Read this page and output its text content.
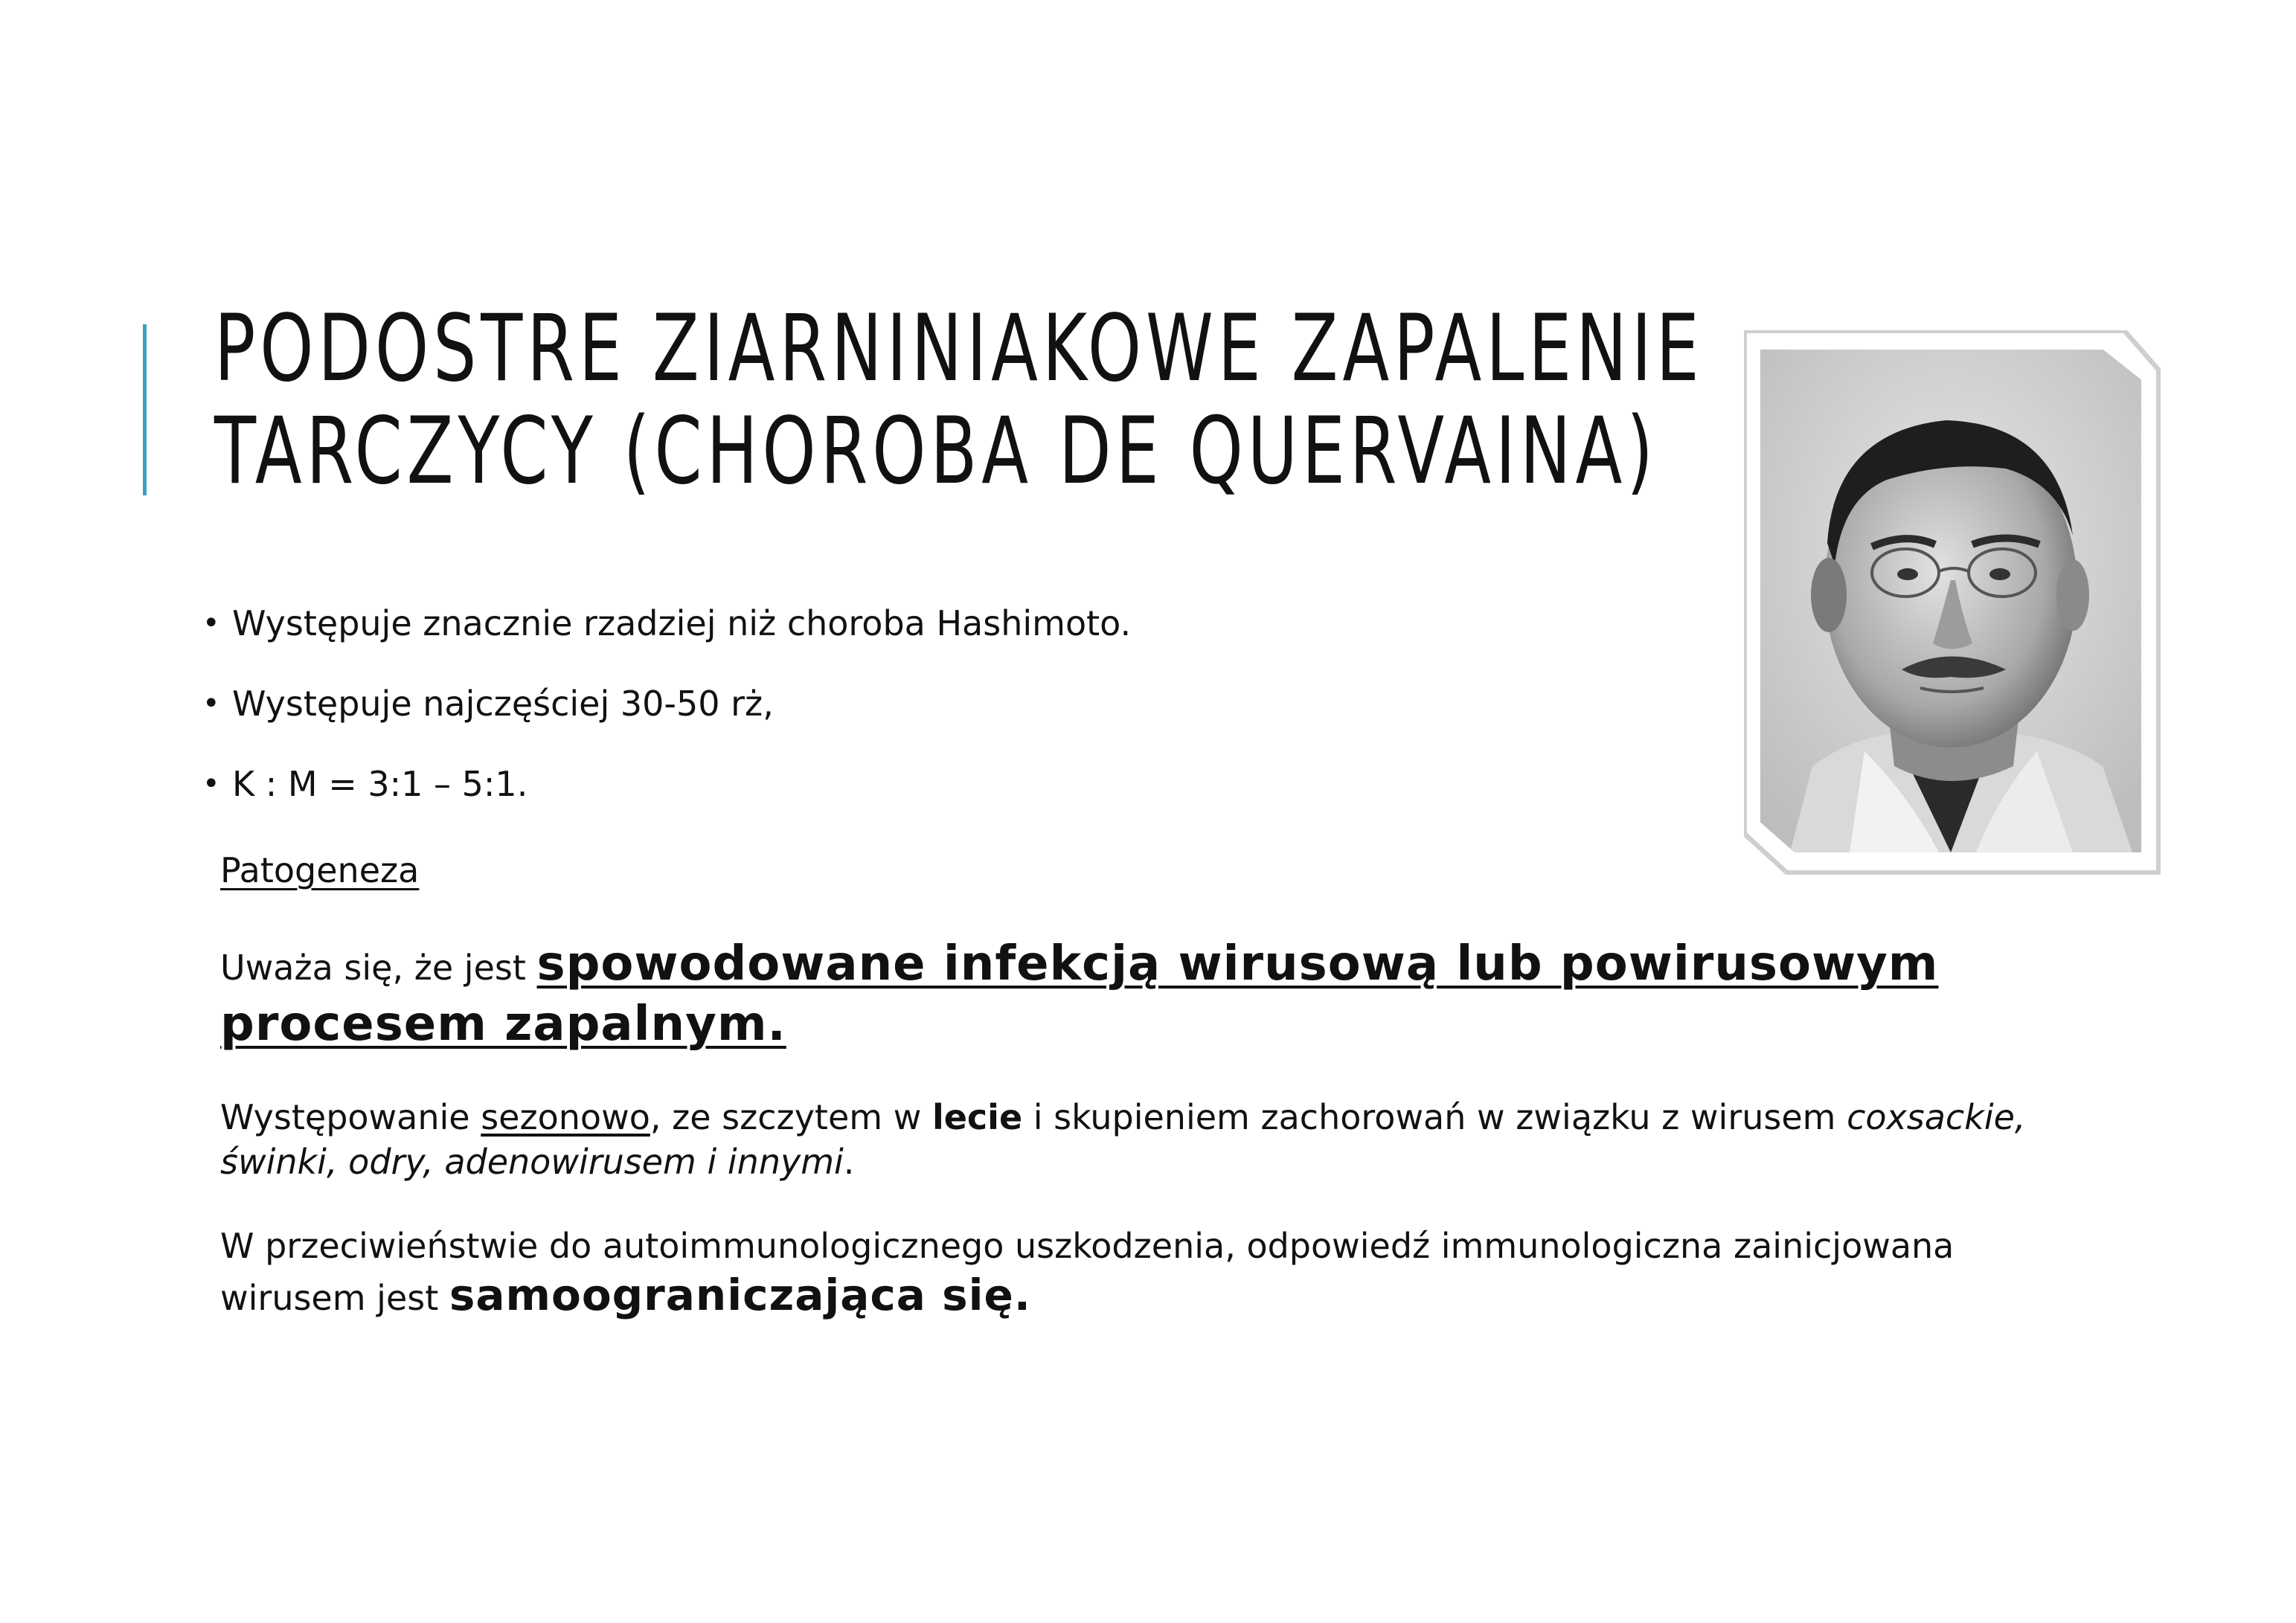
PODOSTRE ZIARNINIAKOWE ZAPALENIE
TARCZYCY (CHOROBA DE QUERVAINA)
• Występuje znacznie rzadziej niż choroba Hashimoto.
• Występuje najczęściej 30-50 rż,
• K : M = 3:1 – 5:1.
Patogeneza
Uważa się, że jest spowodowane infekcją wirusową lub powirusowym procesem zapalnym.
Występowanie sezonowo, ze szczytem w lecie i skupieniem zachorowań w związku z wirusem coxsackie, świnki, odry, adenowirusem i innymi.
W przeciwieństwie do autoimmunologicznego uszkodzenia, odpowiedź immunologiczna zainicjowana wirusem jest samoograniczająca się.
